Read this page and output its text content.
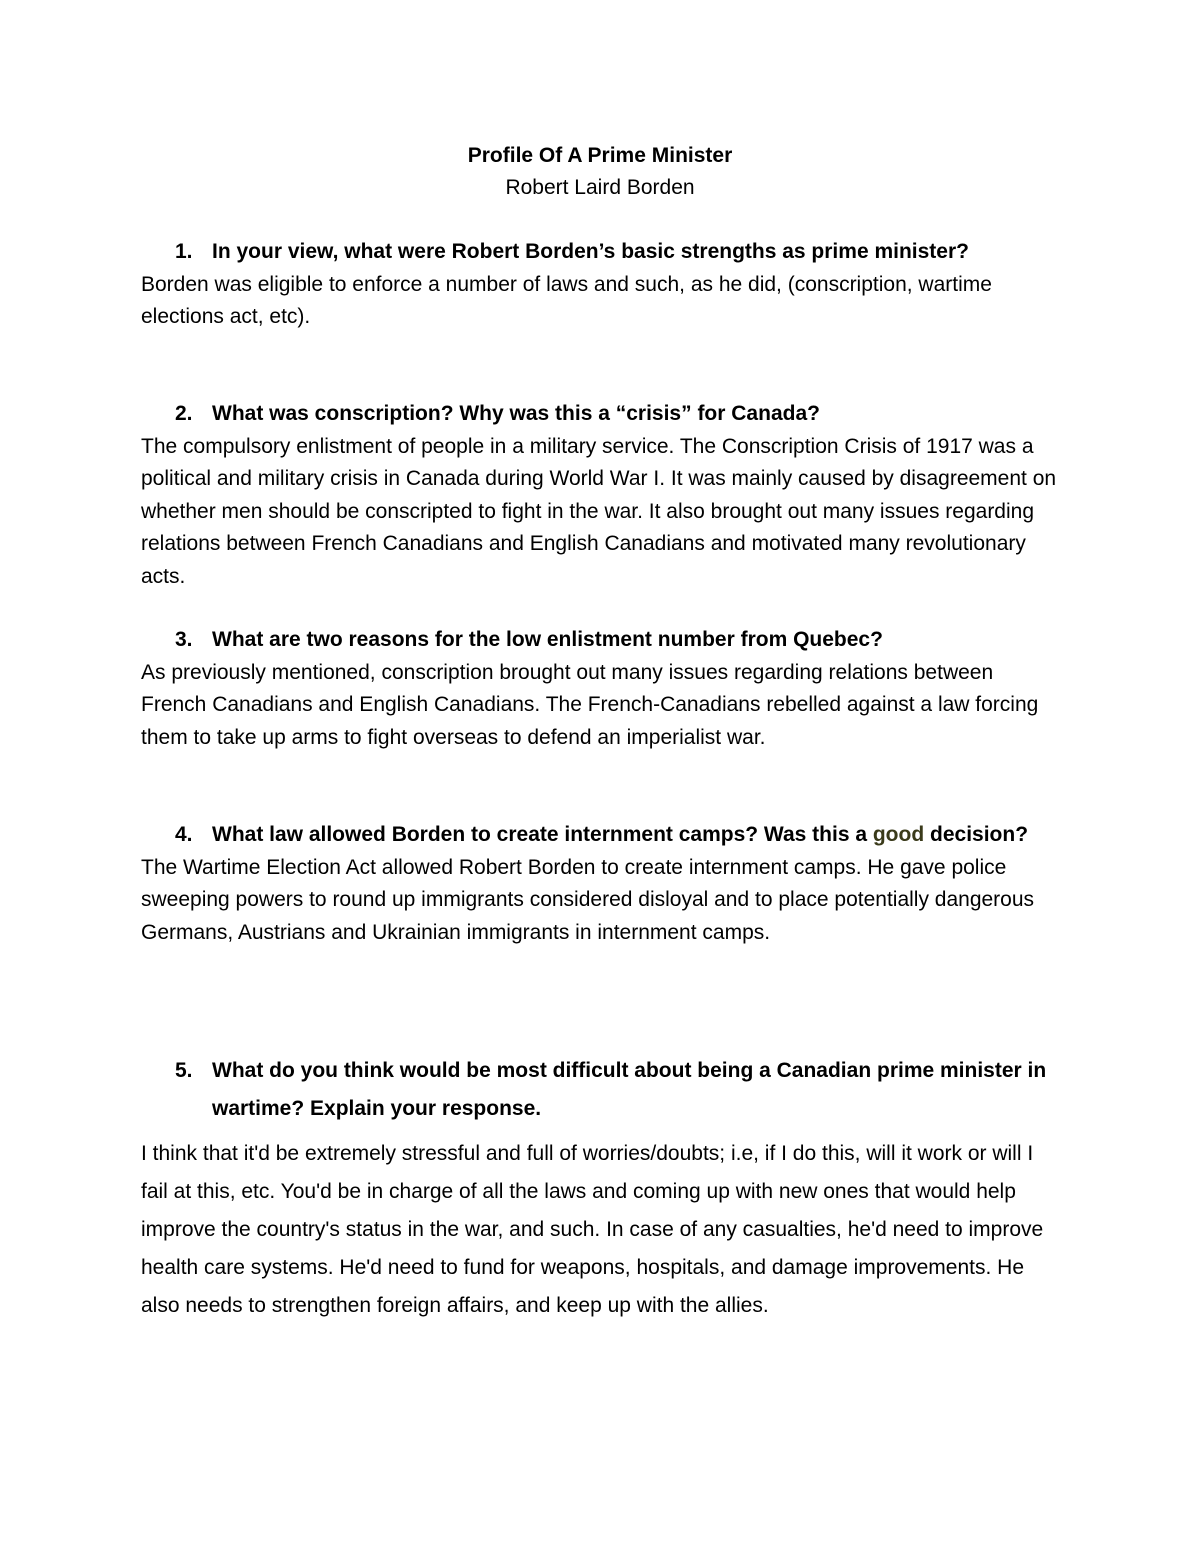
Profile Of A Prime Minister
Robert Laird Borden
1. In your view, what were Robert Borden’s basic strengths as prime minister?
Borden was eligible to enforce a number of laws and such, as he did, (conscription, wartime elections act, etc).
2. What was conscription? Why was this a “crisis” for Canada?
The compulsory enlistment of people in a military service. The Conscription Crisis of 1917 was a political and military crisis in Canada during World War I. It was mainly caused by disagreement on whether men should be conscripted to fight in the war. It also brought out many issues regarding relations between French Canadians and English Canadians and motivated many revolutionary acts.
3. What are two reasons for the low enlistment number from Quebec?
As previously mentioned, conscription brought out many issues regarding relations between French Canadians and English Canadians. The French-Canadians rebelled against a law forcing them to take up arms to fight overseas to defend an imperialist war.
4. What law allowed Borden to create internment camps? Was this a good decision?
The Wartime Election Act allowed Robert Borden to create internment camps. He gave police sweeping powers to round up immigrants considered disloyal and to place potentially dangerous Germans, Austrians and Ukrainian immigrants in internment camps.
5. What do you think would be most difficult about being a Canadian prime minister in wartime? Explain your response.
I think that it'd be extremely stressful and full of worries/doubts; i.e, if I do this, will it work or will I fail at this, etc. You'd be in charge of all the laws and coming up with new ones that would help improve the country's status in the war, and such. In case of any casualties, he'd need to improve health care systems. He'd need to fund for weapons, hospitals, and damage improvements. He also needs to strengthen foreign affairs, and keep up with the allies.
